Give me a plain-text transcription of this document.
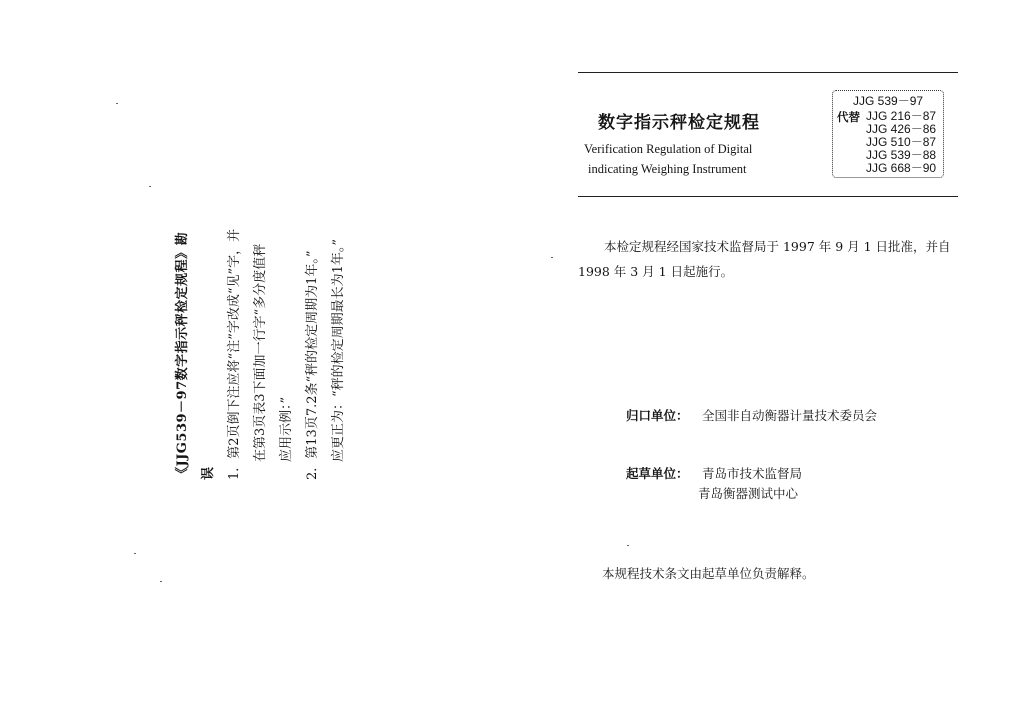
《JJG539－97数字指示秤检定规程》勘误 1．第2页倒下注应将“注”字改成“见”字，并 在第3页表3下面加一行字“多分度值秤 应用示例：” 2．第13页7.2条“秤的检定周期为1年。” 应更正为：“秤的检定周期最长为1年。”
数字指示秤检定规程
Verification Regulation of Digital
indicating Weighing Instrument
JJG 539－97
代替 JJG 216－87
JJG 426－86
JJG 510－87
JJG 539－88
JJG 668－90
本检定规程经国家技术监督局于 1997 年 9 月 1 日批准，并自 1998 年 3 月 1 日起施行。
归口单位： 全国非自动衡器计量技术委员会
起草单位： 青岛市技术监督局
青岛衡器测试中心
本规程技术条文由起草单位负责解释。
